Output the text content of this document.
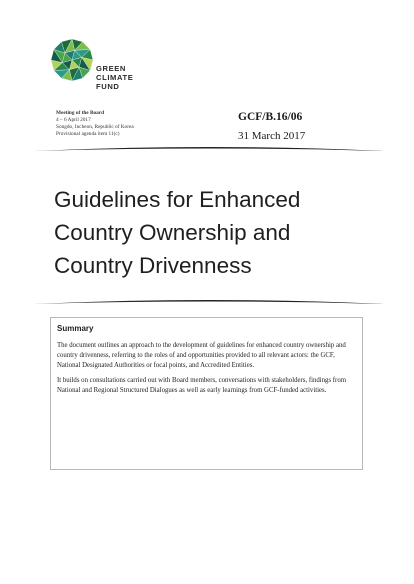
GREEN
CLIMATE
FUND
Meeting of the Board
4 – 6 April 2017
Songdo, Incheon, Republic of Korea
Provisional agenda item 11(c)
GCF/B.16/06
31 March 2017
Guidelines for Enhanced
Country Ownership and
Country Drivenness
Summary

The document outlines an approach to the development of guidelines for enhanced country ownership and country drivenness, referring to the roles of and opportunities provided to all relevant actors: the GCF, National Designated Authorities or focal points, and Accredited Entities.

It builds on consultations carried out with Board members, conversations with stakeholders, findings from National and Regional Structured Dialogues as well as early learnings from GCF-funded activities.
